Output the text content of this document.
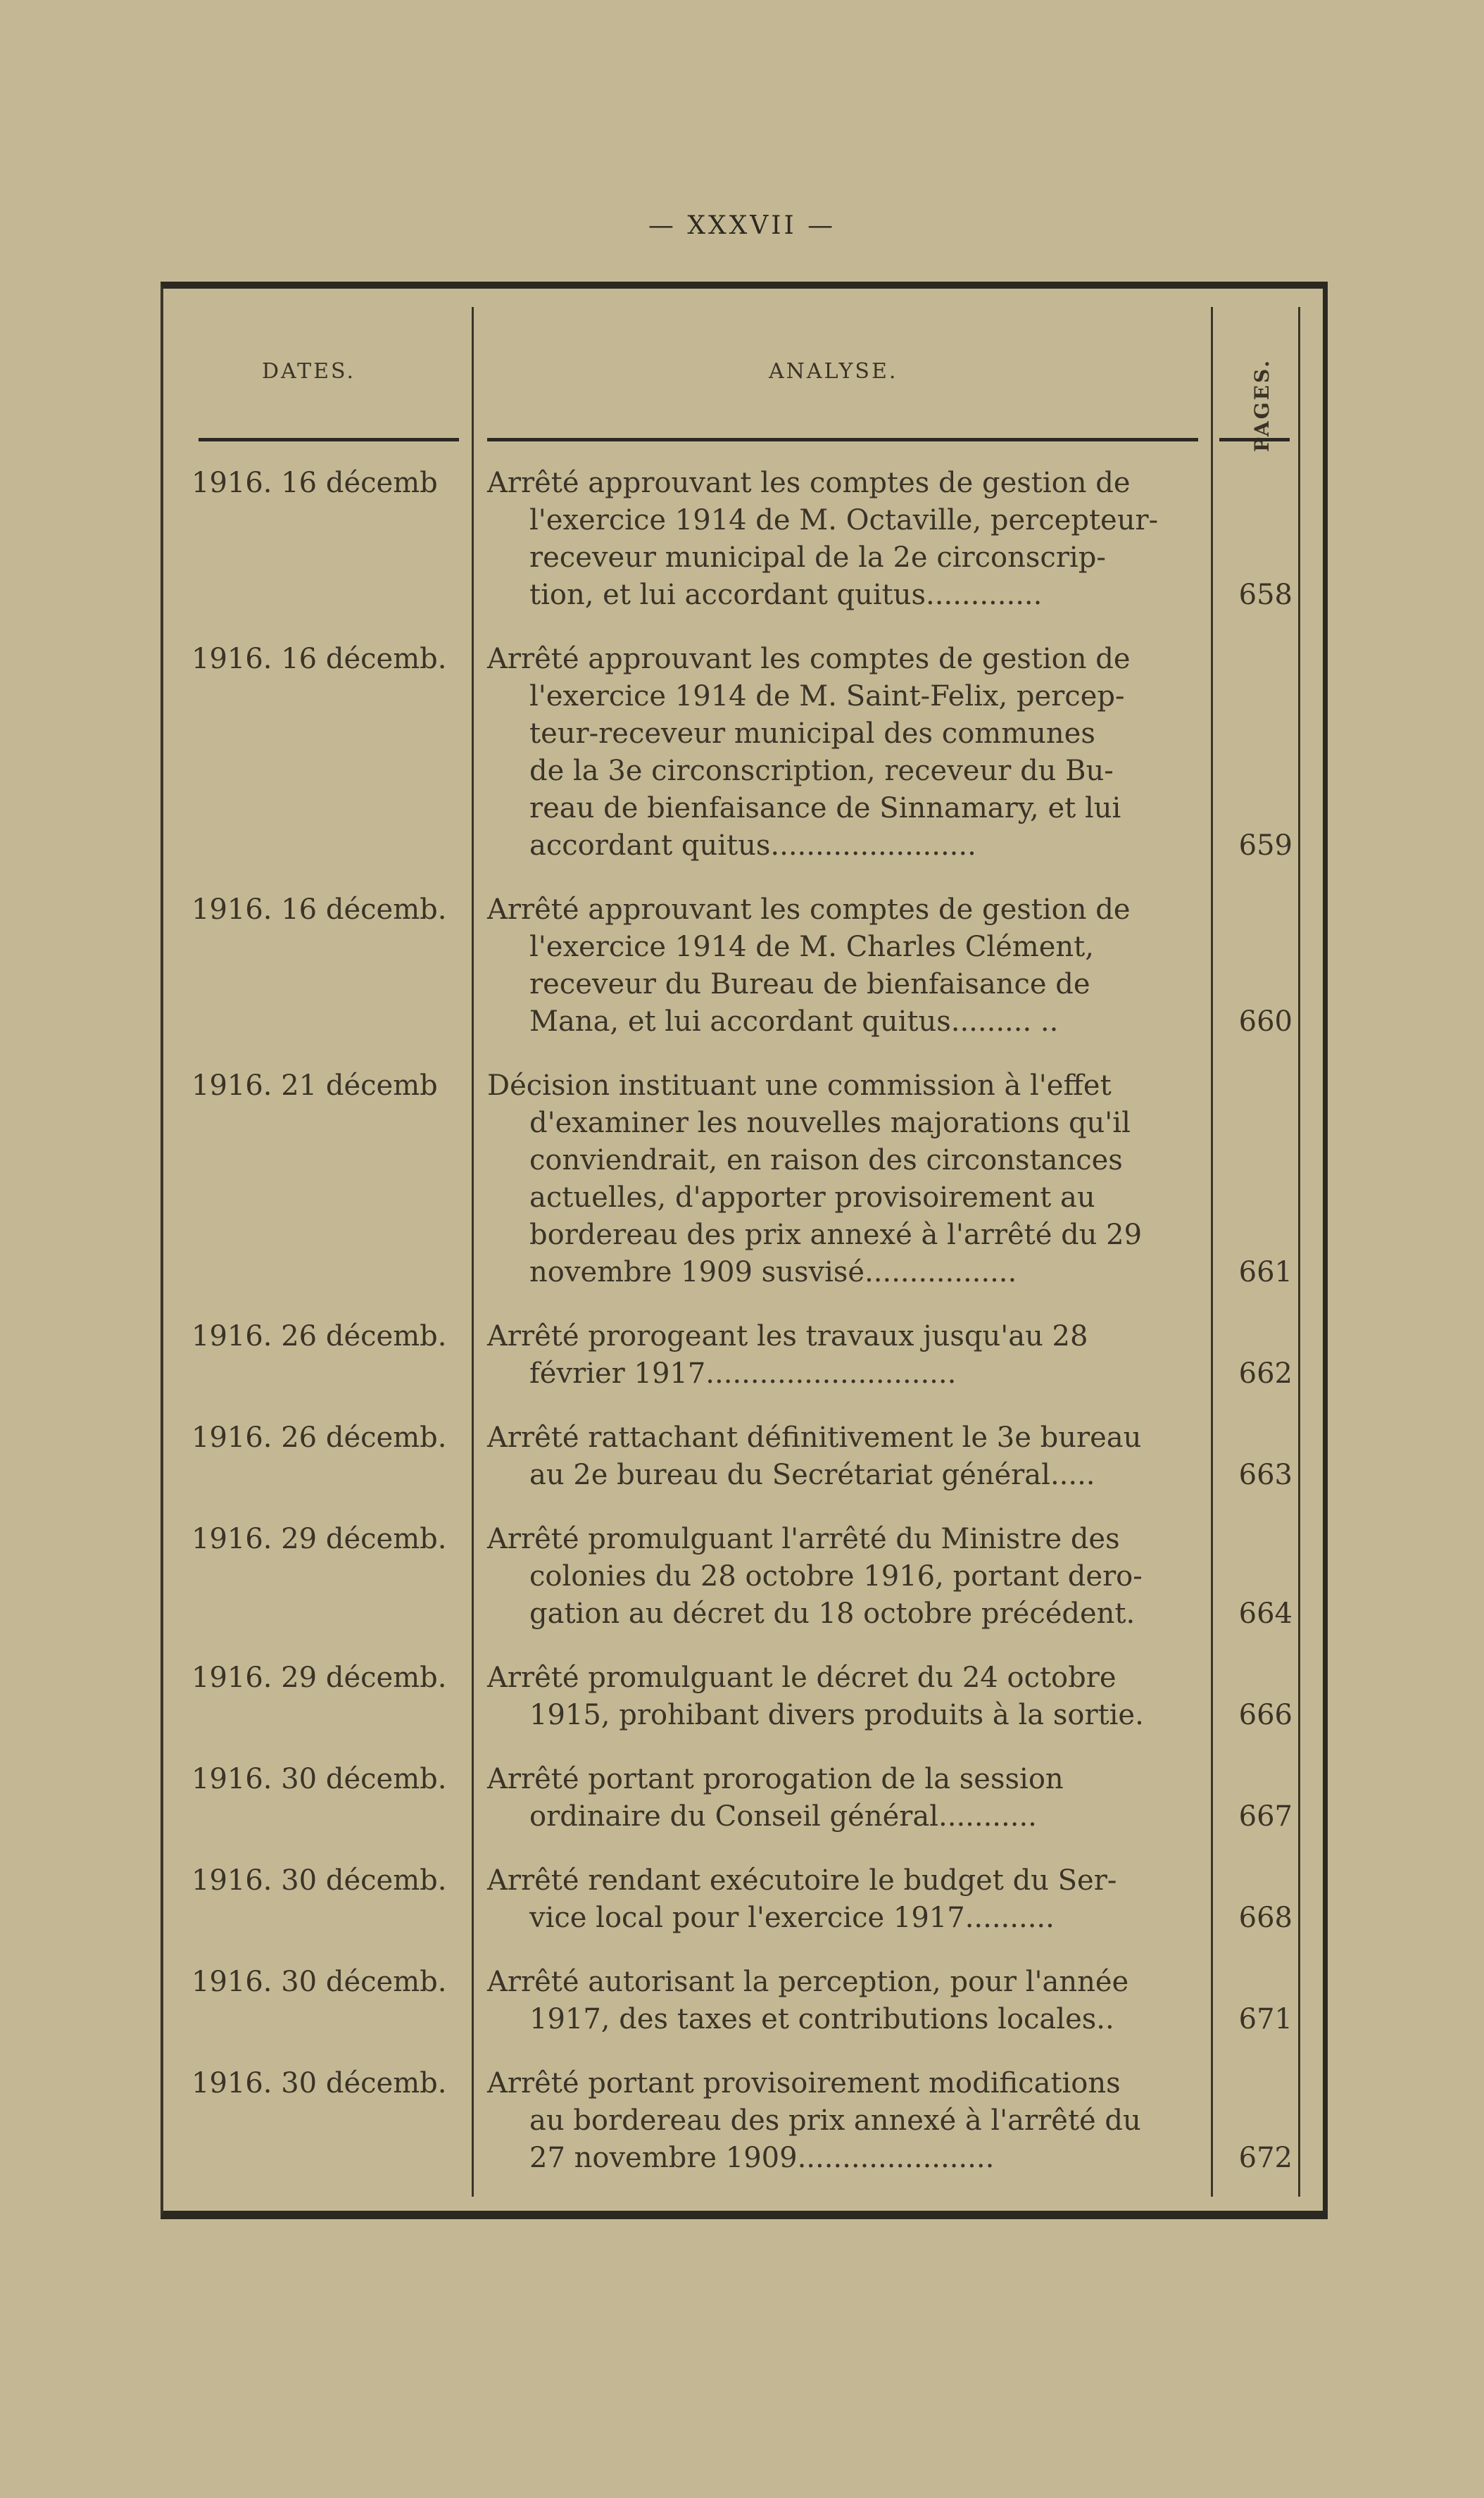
— XXXVII —
DATES.	ANALYSE.	PAGES.
1916. 16 décemb	Arrêté approuvant les comptes de gestion de
l'exercice 1914 de M. Octaville, percepteur-
receveur municipal de la 2e circonscrip-
tion, et lui accordant quitus.............	658
1916. 16 décemb.	Arrêté approuvant les comptes de gestion de
l'exercice 1914 de M. Saint-Felix, percep-
teur-receveur municipal des communes
de la 3e circonscription, receveur du Bu-
reau de bienfaisance de Sinnamary, et lui
accordant quitus.......................	659
1916. 16 décemb.	Arrêté approuvant les comptes de gestion de
l'exercice 1914 de M. Charles Clément,
receveur du Bureau de bienfaisance de
Mana, et lui accordant quitus......... ..	660
1916. 21 décemb	Décision instituant une commission à l'effet
d'examiner les nouvelles majorations qu'il
conviendrait, en raison des circonstances
actuelles, d'apporter provisoirement au
bordereau des prix annexé à l'arrêté du 29
novembre 1909 susvisé.................	661
1916. 26 décemb.	Arrêté prorogeant les travaux jusqu'au 28
février 1917............................	662
1916. 26 décemb.	Arrêté rattachant définitivement le 3e bureau
au 2e bureau du Secrétariat général.....	663
1916. 29 décemb.	Arrêté promulguant l'arrêté du Ministre des
colonies du 28 octobre 1916, portant dero-
gation au décret du 18 octobre précédent.	664
1916. 29 décemb.	Arrêté promulguant le décret du 24 octobre
1915, prohibant divers produits à la sortie.	666
1916. 30 décemb.	Arrêté portant prorogation de la session
ordinaire du Conseil général...........	667
1916. 30 décemb.	Arrêté rendant exécutoire le budget du Ser-
vice local pour l'exercice 1917..........	668
1916. 30 décemb.	Arrêté autorisant la perception, pour l'année
1917, des taxes et contributions locales..	671
1916. 30 décemb.	Arrêté portant provisoirement modifications
au bordereau des prix annexé à l'arrêté du
27 novembre 1909......................	672
